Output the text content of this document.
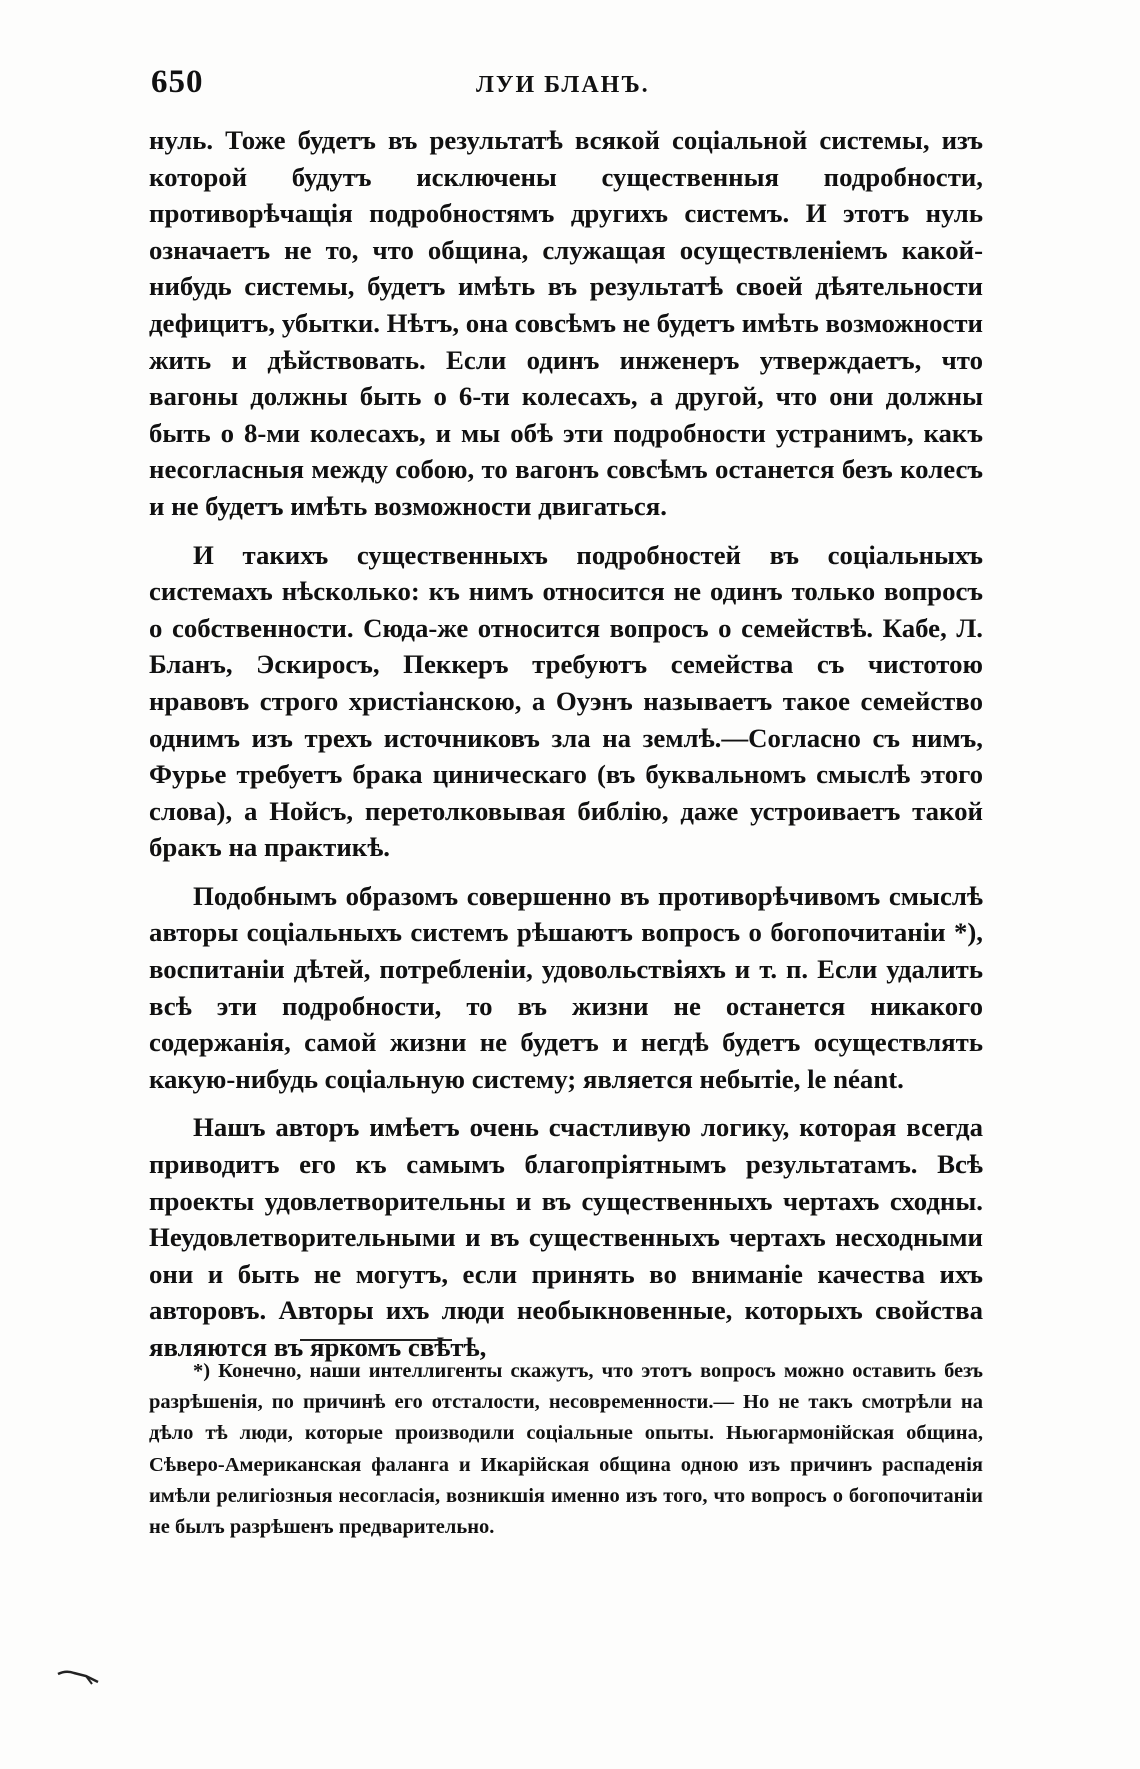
650	ЛУИ БЛАНЪ.

нуль. Тоже будетъ въ результатѣ всякой соціальной системы, изъ которой будутъ исключены существенныя подробности, противорѣчащія подробностямъ другихъ системъ. И этотъ нуль означаетъ не то, что община, служащая осуществленіемъ какой-нибудь системы, будетъ имѣть въ результатѣ своей дѣятельности дефицитъ, убытки. Нѣтъ, она совсѣмъ не будетъ имѣть возможности жить и дѣйствовать. Если одинъ инженеръ утверждаетъ, что вагоны должны быть о 6-ти колесахъ, а другой, что они должны быть о 8-ми колесахъ, и мы обѣ эти подробности устранимъ, какъ несогласныя между собою, то вагонъ совсѣмъ останется безъ колесъ и не будетъ имѣть возможности двигаться.

И такихъ существенныхъ подробностей въ соціальныхъ системахъ нѣсколько: къ нимъ относится не одинъ только вопросъ о собственности. Сюда-же относится вопросъ о семействѣ. Кабе, Л. Бланъ, Эскиросъ, Пеккеръ требуютъ семейства съ чистотою нравовъ строго христіанскою, а Оуэнъ называетъ такое семейство однимъ изъ трехъ источниковъ зла на землѣ.—Согласно съ нимъ, Фурье требуетъ брака циническаго (въ буквальномъ смыслѣ этого слова), а Нойсъ, перетолковывая библію, даже устроиваетъ такой бракъ на практикѣ.

Подобнымъ образомъ совершенно въ противорѣчивомъ смыслѣ авторы соціальныхъ системъ рѣшаютъ вопросъ о богопочитаніи *), воспитаніи дѣтей, потребленіи, удовольствіяхъ и т. п. Если удалить всѣ эти подробности, то въ жизни не останется никакого содержанія, самой жизни не будетъ и негдѣ будетъ осуществлять какую-нибудь соціальную систему; является небытіе, le néant.

Нашъ авторъ имѣетъ очень счастливую логику, которая всегда приводитъ его къ самымъ благопріятнымъ результатамъ. Всѣ проекты удовлетворительны и въ существенныхъ чертахъ сходны. Неудовлетворительными и въ существенныхъ чертахъ несходными они и быть не могутъ, если принять во вниманіе качества ихъ авторовъ. Авторы ихъ люди необыкновенные, которыхъ свойства являются въ яркомъ свѣтѣ,

*) Конечно, наши интеллигенты скажутъ, что этотъ вопросъ можно оставить безъ разрѣшенія, по причинѣ его отсталости, несовременности.— Но не такъ смотрѣли на дѣло тѣ люди, которые производили соціальные опыты. Ньюгармонійская община, Сѣверо-Американская фаланга и Икарійская община одною изъ причинъ распаденія имѣли религіозныя несогласія, возникшія именно изъ того, что вопросъ о богопочитаніи не былъ разрѣшенъ предварительно.
